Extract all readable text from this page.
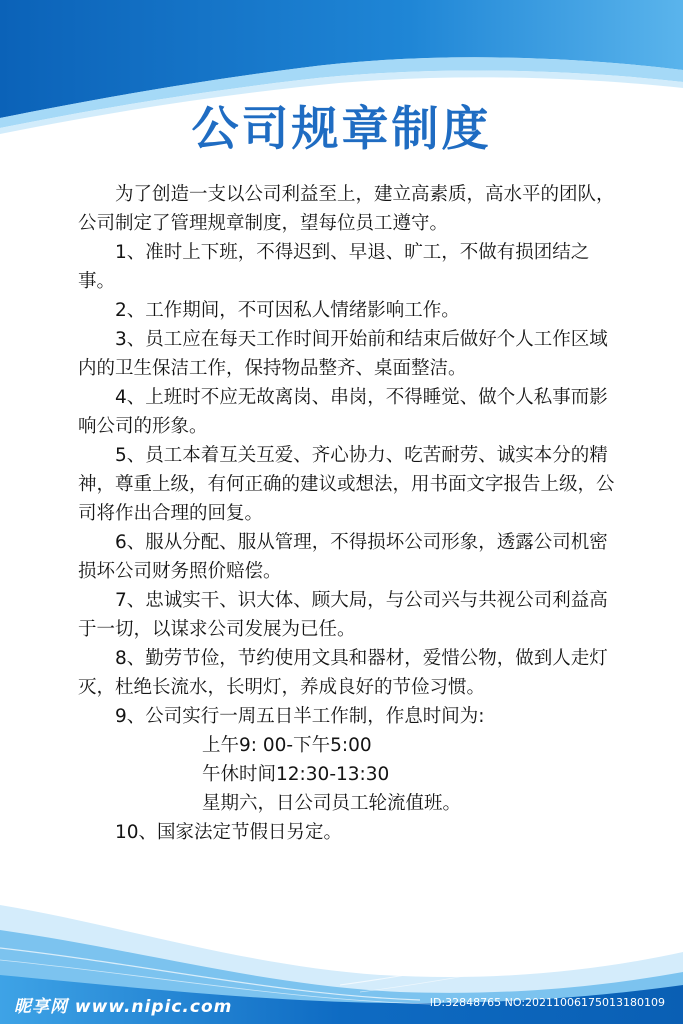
公司规章制度

为了创造一支以公司利益至上，建立高素质，高水平的团队，公司制定了管理规章制度，望每位员工遵守。

1、准时上下班，不得迟到、早退、旷工，不做有损团结之事。

2、工作期间，不可因私人情绪影响工作。

3、员工应在每天工作时间开始前和结束后做好个人工作区域内的卫生保洁工作，保持物品整齐、桌面整洁。

4、上班时不应无故离岗、串岗，不得睡觉、做个人私事而影响公司的形象。

5、员工本着互关互爱、齐心协力、吃苦耐劳、诚实本分的精神，尊重上级，有何正确的建议或想法，用书面文字报告上级，公司将作出合理的回复。

6、服从分配、服从管理，不得损坏公司形象，透露公司机密损坏公司财务照价赔偿。

7、忠诚实干、识大体、顾大局，与公司兴与共视公司利益高于一切，以谋求公司发展为已任。

8、勤劳节俭，节约使用文具和器材，爱惜公物，做到人走灯灭，杜绝长流水，长明灯，养成良好的节俭习惯。

9、公司实行一周五日半工作制，作息时间为:

上午9: 00-下午5:00

午休时间12:30-13:30

星期六，日公司员工轮流值班。

10、国家法定节假日另定。

昵享网 www.nipic.com	ID:32848765 NO:20211006175013180109
